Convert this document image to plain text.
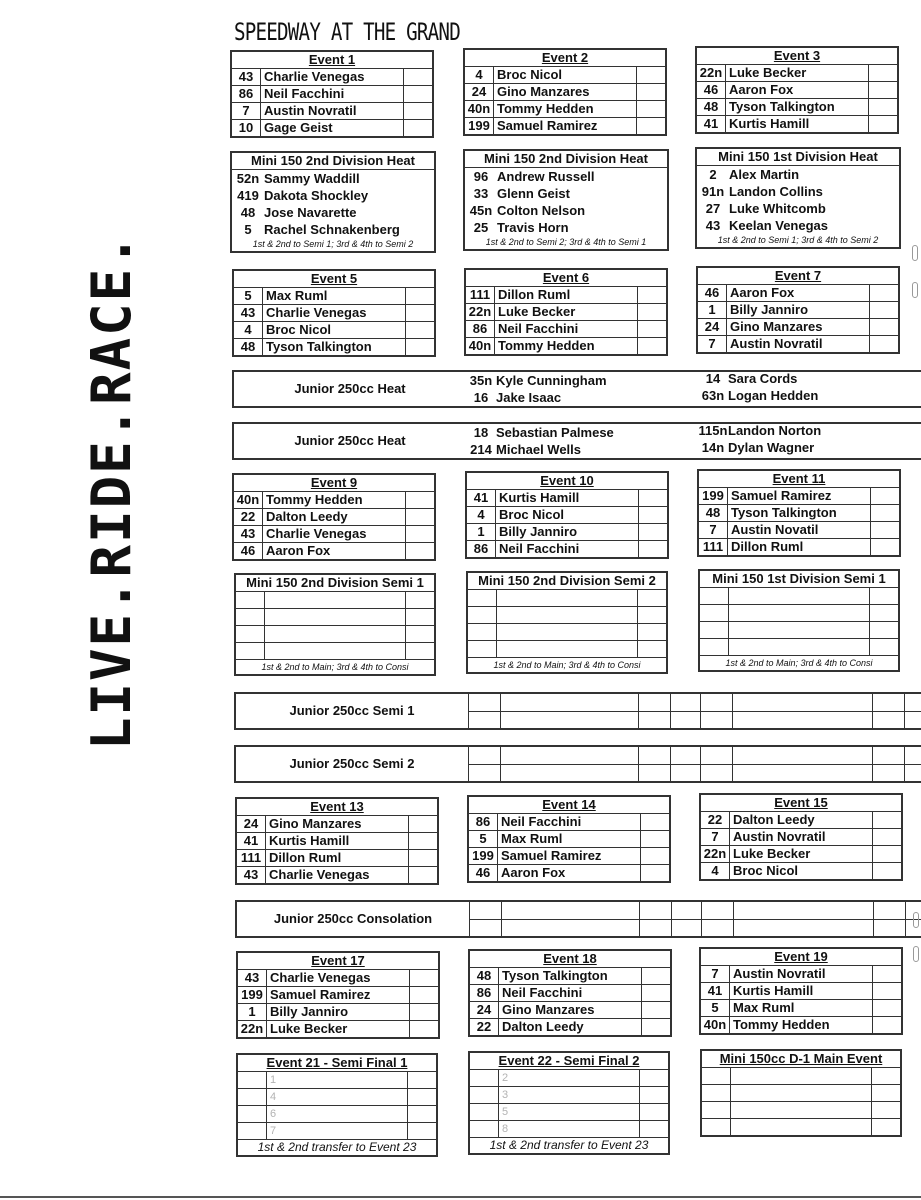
SPEEDWAY AT THE GRAND
LIVE.RIDE.RACE.
Event 1
43 Charlie Venegas
86 Neil Facchini
7	Austin Novratil
10 Gage Geist
Event 2
4	Broc Nicol
24 Gino Manzares
40n Tommy Hedden
199 Samuel Ramirez
Event 3
22n Luke Becker
46 Aaron Fox
48 Tyson Talkington
41 Kurtis Hamill
Mini 150 2nd Division Heat
52n Sammy Waddill
419 Dakota Shockley
48 Jose Navarette
5 Rachel Schnakenberg
1st & 2nd to Semi 1; 3rd & 4th to Semi 2
Mini 150 2nd Division Heat
96 Andrew Russell
33 Glenn Geist
45n Colton Nelson
25 Travis Horn
1st & 2nd to Semi 2; 3rd & 4th to Semi 1
Mini 150 1st Division Heat
2 Alex Martin
91n Landon Collins
27 Luke Whitcomb
43 Keelan Venegas
1st & 2nd to Semi 1; 3rd & 4th to Semi 2
Event 5
5	Max Ruml
43 Charlie Venegas
4	Broc Nicol
48 Tyson Talkington
Event 6
111 Dillon Ruml
22n Luke Becker
86 Neil Facchini
40n Tommy Hedden
Event 7
46 Aaron Fox
1	Billy Janniro
24 Gino Manzares
7	Austin Novratil
Junior 250cc Heat
35n Kyle Cunningham
16 Jake Isaac
14 Sara Cords
63n Logan Hedden
Junior 250cc Heat
18 Sebastian Palmese
214 Michael Wells
115n Landon Norton
14n Dylan Wagner
Event 9
40n Tommy Hedden
22 Dalton Leedy
43 Charlie Venegas
46 Aaron Fox
Event 10
41 Kurtis Hamill
4	Broc Nicol
1	Billy Janniro
86 Neil Facchini
Event 11
199 Samuel Ramirez
48 Tyson Talkington
7	Austin Novatil
111 Dillon Ruml
Mini 150 2nd Division Semi 1
1st & 2nd to Main; 3rd & 4th to Consi
Mini 150 2nd Division Semi 2
1st & 2nd to Main; 3rd & 4th to Consi
Mini 150 1st Division Semi 1
1st & 2nd to Main; 3rd & 4th to Consi
Junior 250cc Semi 1
Junior 250cc Semi 2
Event 13
24 Gino Manzares
41 Kurtis Hamill
111 Dillon Ruml
43 Charlie Venegas
Event 14
86 Neil Facchini
5	Max Ruml
199 Samuel Ramirez
46 Aaron Fox
Event 15
22 Dalton Leedy
7	Austin Novratil
22n Luke Becker
4	Broc Nicol
Junior 250cc Consolation
Event 17
43 Charlie Venegas
199 Samuel Ramirez
1	Billy Janniro
22n Luke Becker
Event 18
48 Tyson Talkington
86 Neil Facchini
24 Gino Manzares
22 Dalton Leedy
Event 19
7	Austin Novratil
41 Kurtis Hamill
5	Max Ruml
40n Tommy Hedden
Event 21 - Semi Final 1
1
4
6
7
1st & 2nd transfer to Event 23
Event 22 - Semi Final 2
2
3
5
8
1st & 2nd transfer to Event 23
Mini 150cc D-1 Main Event
